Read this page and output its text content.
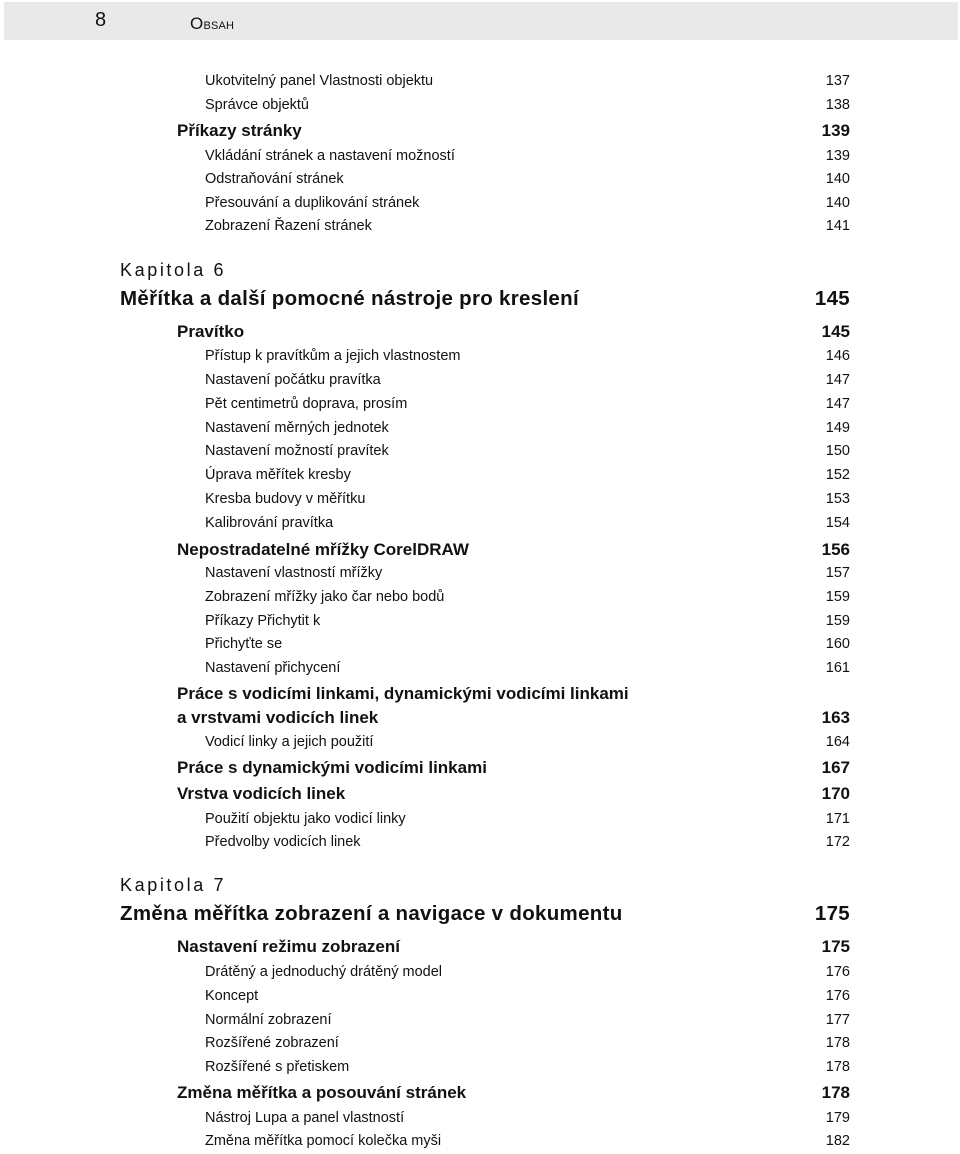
8	Obsah
Ukotvitelný panel Vlastnosti objektu	137
Správce objektů	138
Příkazy stránky	139
Vkládání stránek a nastavení možností	139
Odstraňování stránek	140
Přesouvání a duplikování stránek	140
Zobrazení Řazení stránek	141
Kapitola 6
Měřítka a další pomocné nástroje pro kreslení	145
Pravítko	145
Přístup k pravítkům a jejich vlastnostem	146
Nastavení počátku pravítka	147
Pět centimetrů doprava, prosím	147
Nastavení měrných jednotek	149
Nastavení možností pravítek	150
Úprava měřítek kresby	152
Kresba budovy v měřítku	153
Kalibrování pravítka	154
Nepostradatelné mřížky CorelDRAW	156
Nastavení vlastností mřížky	157
Zobrazení mřížky jako čar nebo bodů	159
Příkazy Přichytit k	159
Přichyťte se	160
Nastavení přichycení	161
Práce s vodicími linkami, dynamickými vodicími linkami
a vrstvami vodicích linek	163
Vodicí linky a jejich použití	164
Práce s dynamickými vodicími linkami	167
Vrstva vodicích linek	170
Použití objektu jako vodicí linky	171
Předvolby vodicích linek	172
Kapitola 7
Změna měřítka zobrazení a navigace v dokumentu	175
Nastavení režimu zobrazení	175
Drátěný a jednoduchý drátěný model	176
Koncept	176
Normální zobrazení	177
Rozšířené zobrazení	178
Rozšířené s přetiskem	178
Změna měřítka a posouvání stránek	178
Nástroj Lupa a panel vlastností	179
Změna měřítka pomocí kolečka myši	182
